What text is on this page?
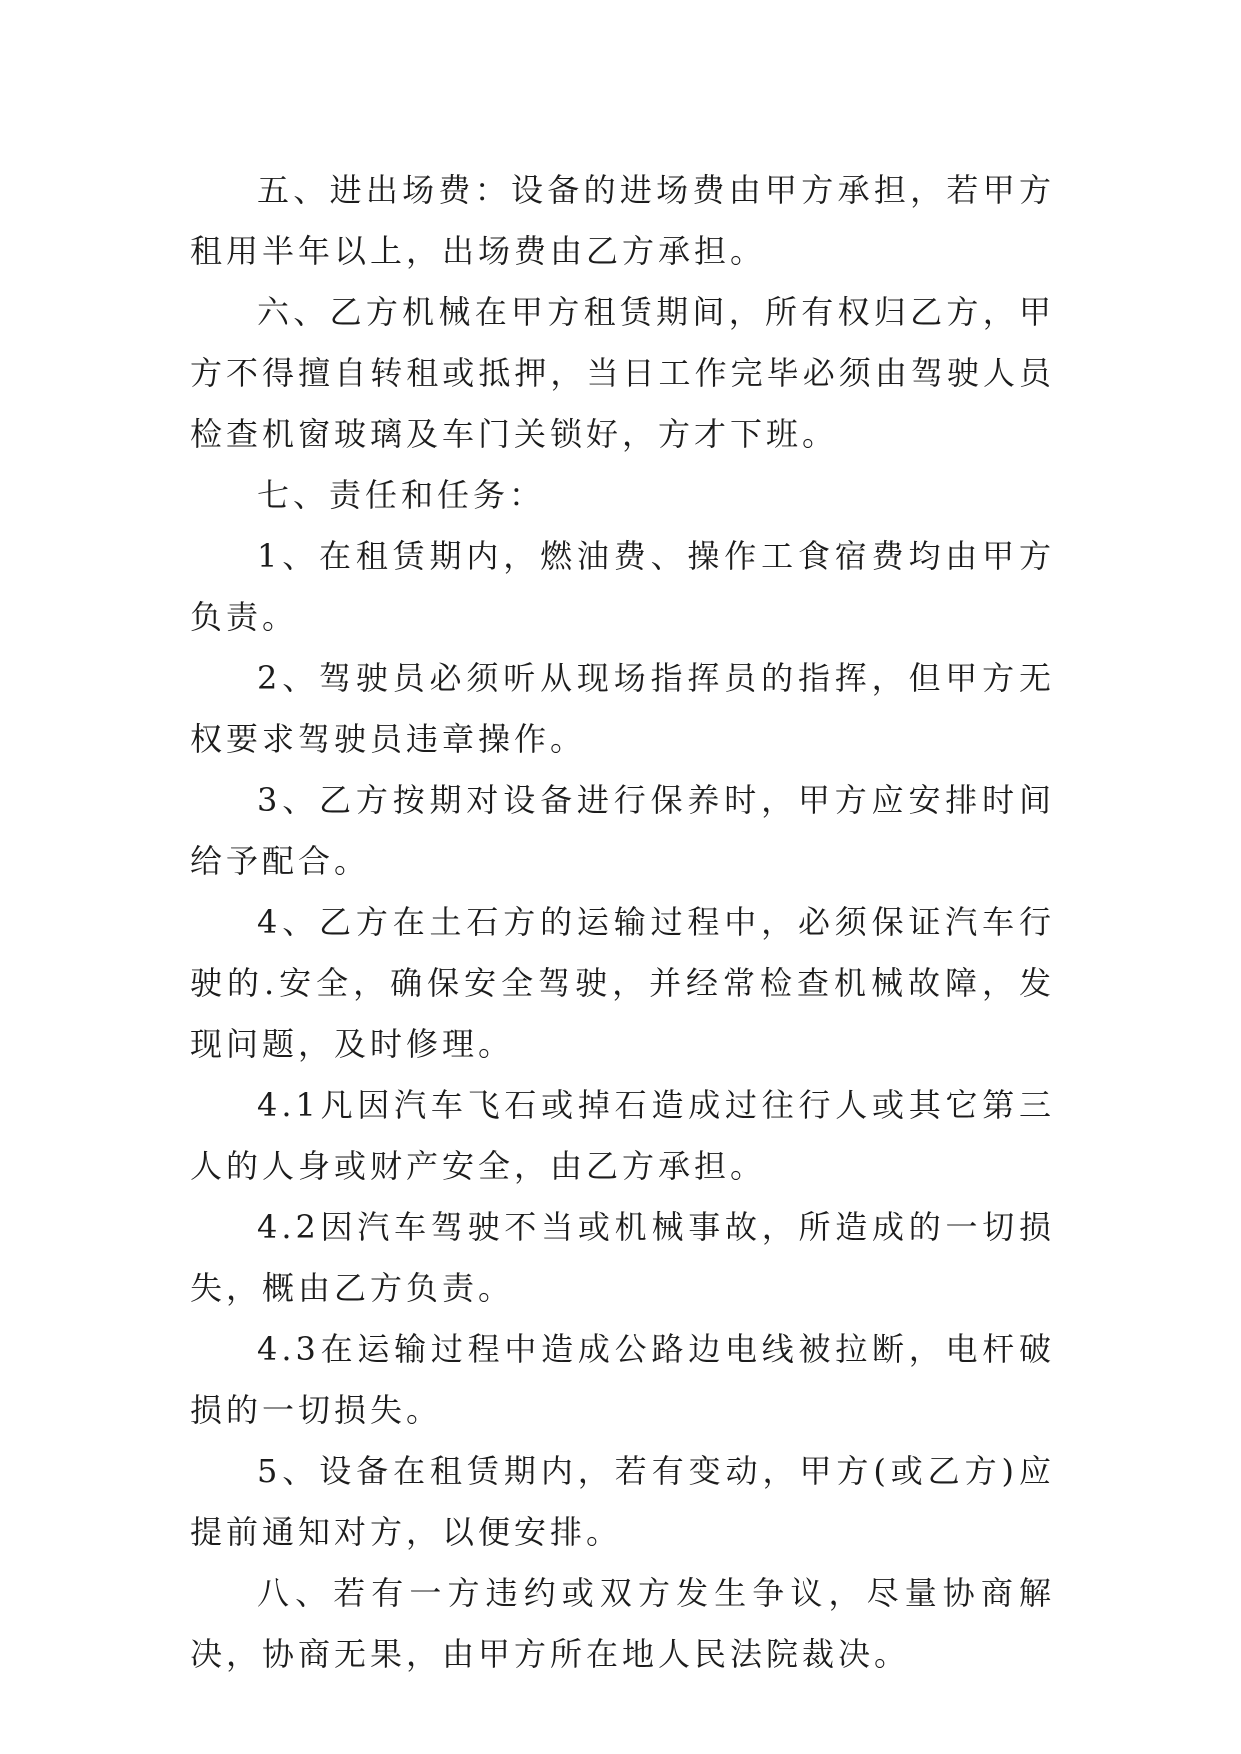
五、进出场费：设备的进场费由甲方承担，若甲方租用半年以上，出场费由乙方承担。

六、乙方机械在甲方租赁期间，所有权归乙方，甲方不得擅自转租或抵押，当日工作完毕必须由驾驶人员检查机窗玻璃及车门关锁好，方才下班。

七、责任和任务：

1、在租赁期内，燃油费、操作工食宿费均由甲方负责。

2、驾驶员必须听从现场指挥员的指挥，但甲方无权要求驾驶员违章操作。

3、乙方按期对设备进行保养时，甲方应安排时间给予配合。

4、乙方在土石方的运输过程中，必须保证汽车行驶的.安全，确保安全驾驶，并经常检查机械故障，发现问题，及时修理。

4.1凡因汽车飞石或掉石造成过往行人或其它第三人的人身或财产安全，由乙方承担。

4.2因汽车驾驶不当或机械事故，所造成的一切损失，概由乙方负责。

4.3在运输过程中造成公路边电线被拉断，电杆破损的一切损失。

5、设备在租赁期内，若有变动，甲方(或乙方)应提前通知对方，以便安排。

八、若有一方违约或双方发生争议，尽量协商解决，协商无果，由甲方所在地人民法院裁决。
